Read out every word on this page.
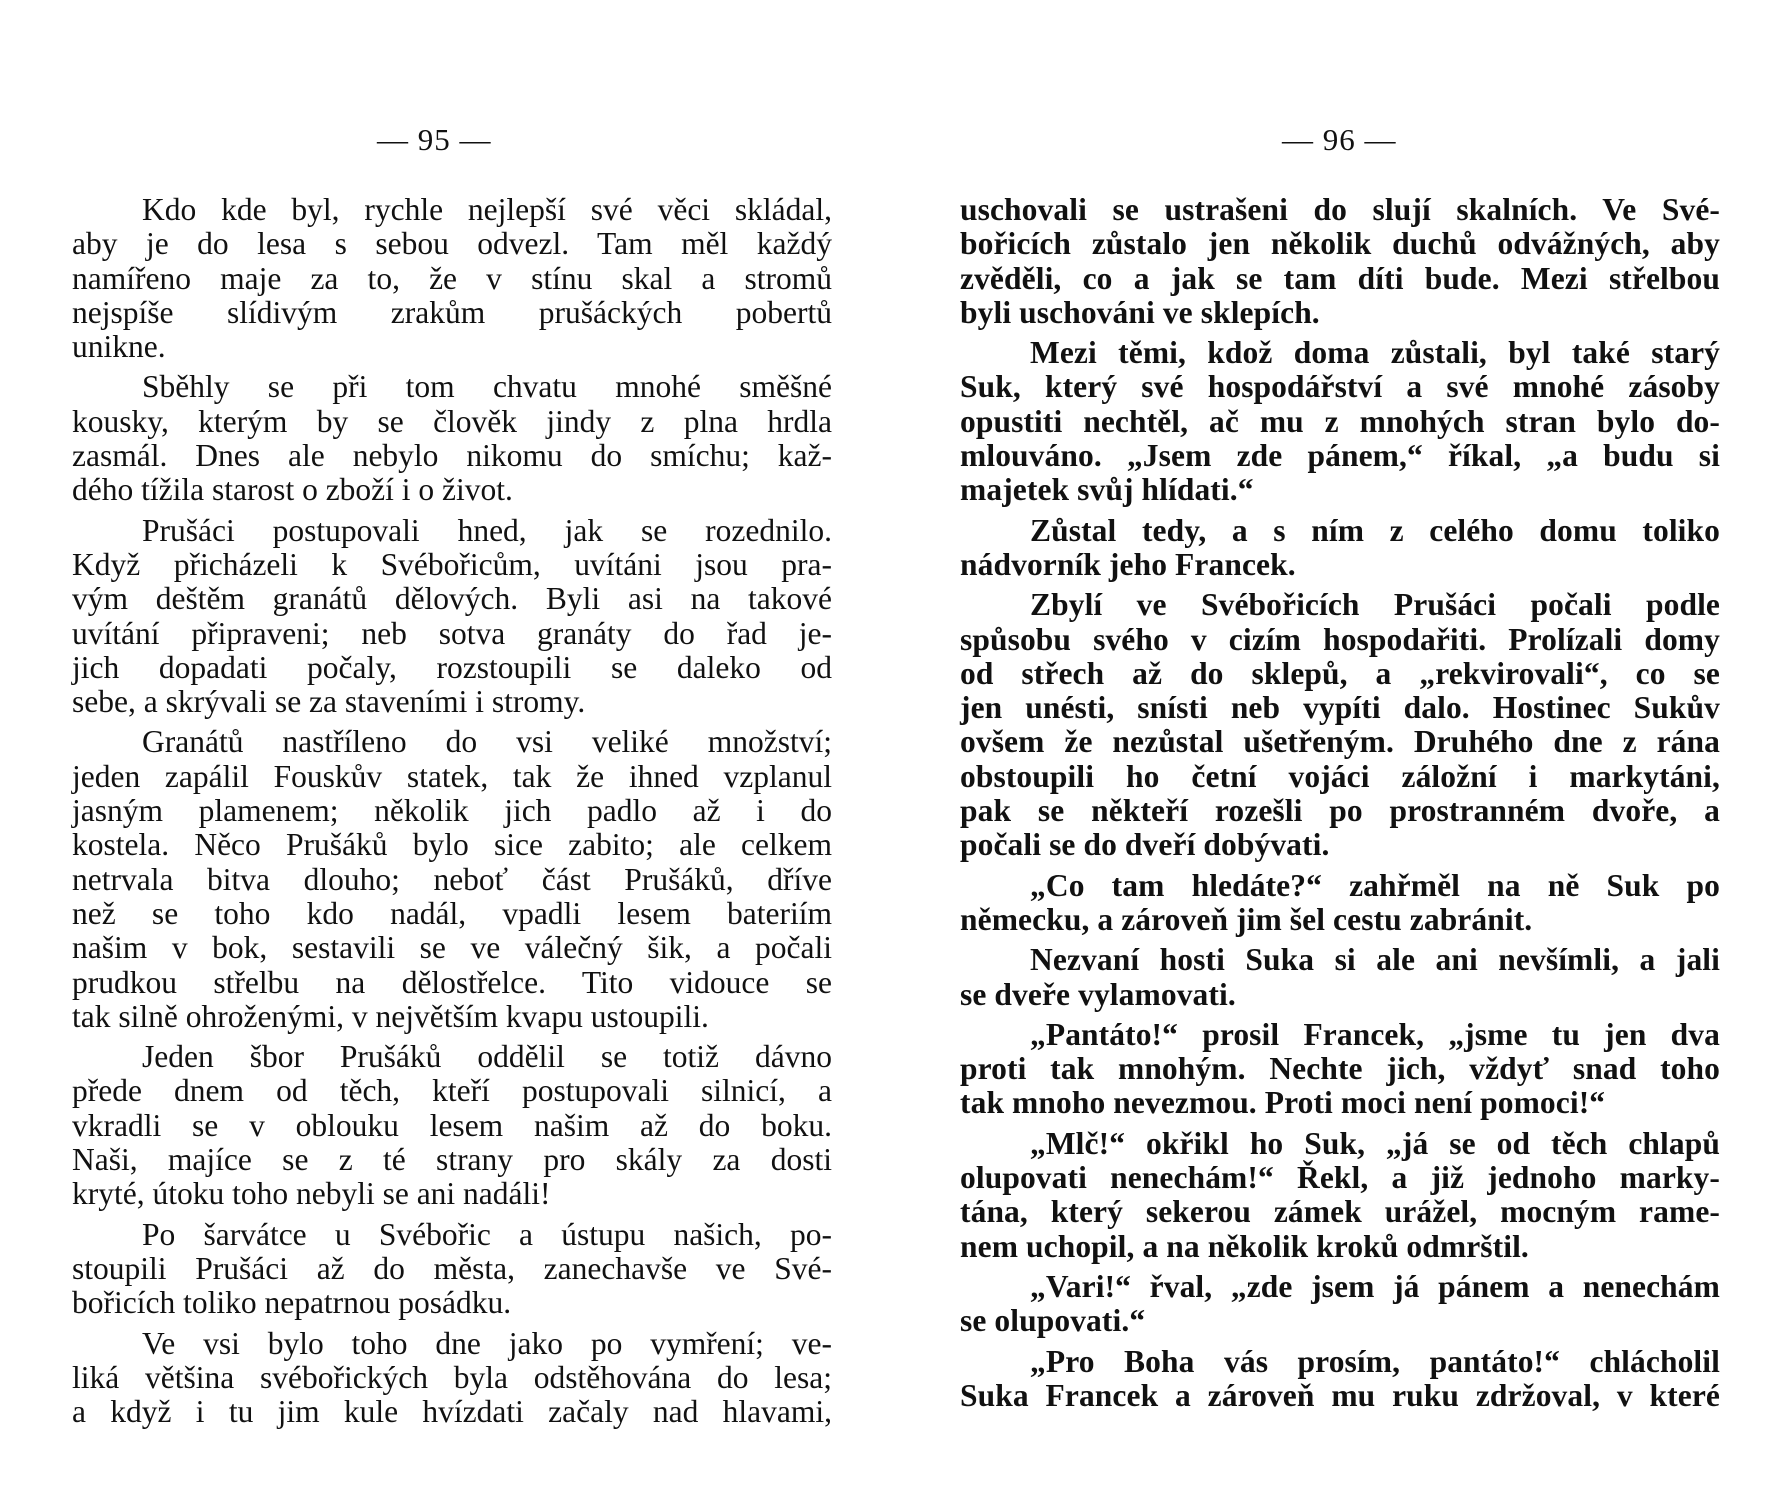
— 95 —
Kdo kde byl, rychle nejlepší své věci skládal,
aby je do lesa s sebou odvezl. Tam měl každý
namířeno maje za to, že v stínu skal a stromů
nejspíše slídivým zrakům prušáckých pobertů
unikne.
Sběhly se při tom chvatu mnohé směšné
kousky, kterým by se člověk jindy z plna hrdla
zasmál. Dnes ale nebylo nikomu do smíchu; kaž-
dého tížila starost o zboží i o život.
Prušáci postupovali hned, jak se rozednilo.
Když přicházeli k Svébořicům, uvítáni jsou pra-
vým deštěm granátů dělových. Byli asi na takové
uvítání připraveni; neb sotva granáty do řad je-
jich dopadati počaly, rozstoupili se daleko od
sebe, a skrývali se za staveními i stromy.
Granátů nastříleno do vsi veliké množství;
jeden zapálil Fouskův statek, tak že ihned vzplanul
jasným plamenem; několik jich padlo až i do
kostela. Něco Prušáků bylo sice zabito; ale celkem
netrvala bitva dlouho; neboť část Prušáků, dříve
než se toho kdo nadál, vpadli lesem bateriím
našim v bok, sestavili se ve válečný šik, a počali
prudkou střelbu na dělostřelce. Tito vidouce se
tak silně ohroženými, v největším kvapu ustoupili.
Jeden šbor Prušáků oddělil se totiž dávno
přede dnem od těch, kteří postupovali silnicí, a
vkradli se v oblouku lesem našim až do boku.
Naši, majíce se z té strany pro skály za dosti
kryté, útoku toho nebyli se ani nadáli!
Po šarvátce u Svébořic a ústupu našich, po-
stoupili Prušáci až do města, zanechavše ve Své-
bořicích toliko nepatrnou posádku.
Ve vsi bylo toho dne jako po vymření; ve-
liká většina svébořických byla odstěhována do lesa;
a když i tu jim kule hvízdati začaly nad hlavami,
— 96 —
uschovali se ustrašeni do slují skalních. Ve Své-
bořicích zůstalo jen několik duchů odvážných, aby
zvěděli, co a jak se tam díti bude. Mezi střelbou
byli uschováni ve sklepích.
Mezi těmi, kdož doma zůstali, byl také starý
Suk, který své hospodářství a své mnohé zásoby
opustiti nechtěl, ač mu z mnohých stran bylo do-
mlouváno. „Jsem zde pánem,“ říkal, „a budu si
majetek svůj hlídati.“
Zůstal tedy, a s ním z celého domu toliko
nádvorník jeho Francek.
Zbylí ve Svébořicích Prušáci počali podle
spůsobu svého v cizím hospodařiti. Prolízali domy
od střech až do sklepů, a „rekvirovali“, co se
jen unésti, snísti neb vypíti dalo. Hostinec Sukův
ovšem že nezůstal ušetřeným. Druhého dne z rána
obstoupili ho četní vojáci záložní i markytáni,
pak se někteří rozešli po prostranném dvoře, a
počali se do dveří dobývati.
„Co tam hledáte?“ zahřměl na ně Suk po
německu, a zároveň jim šel cestu zabránit.
Nezvaní hosti Suka si ale ani nevšímli, a jali
se dveře vylamovati.
„Pantáto!“ prosil Francek, „jsme tu jen dva
proti tak mnohým. Nechte jich, vždyť snad toho
tak mnoho nevezmou. Proti moci není pomoci!“
„Mlč!“ okřikl ho Suk, „já se od těch chlapů
olupovati nenechám!“ Řekl, a již jednoho marky-
tána, který sekerou zámek urážel, mocným rame-
nem uchopil, a na několik kroků odmrštil.
„Vari!“ řval, „zde jsem já pánem a nenechám
se olupovati.“
„Pro Boha vás prosím, pantáto!“ chlácholil
Suka Francek a zároveň mu ruku zdržoval, v které
